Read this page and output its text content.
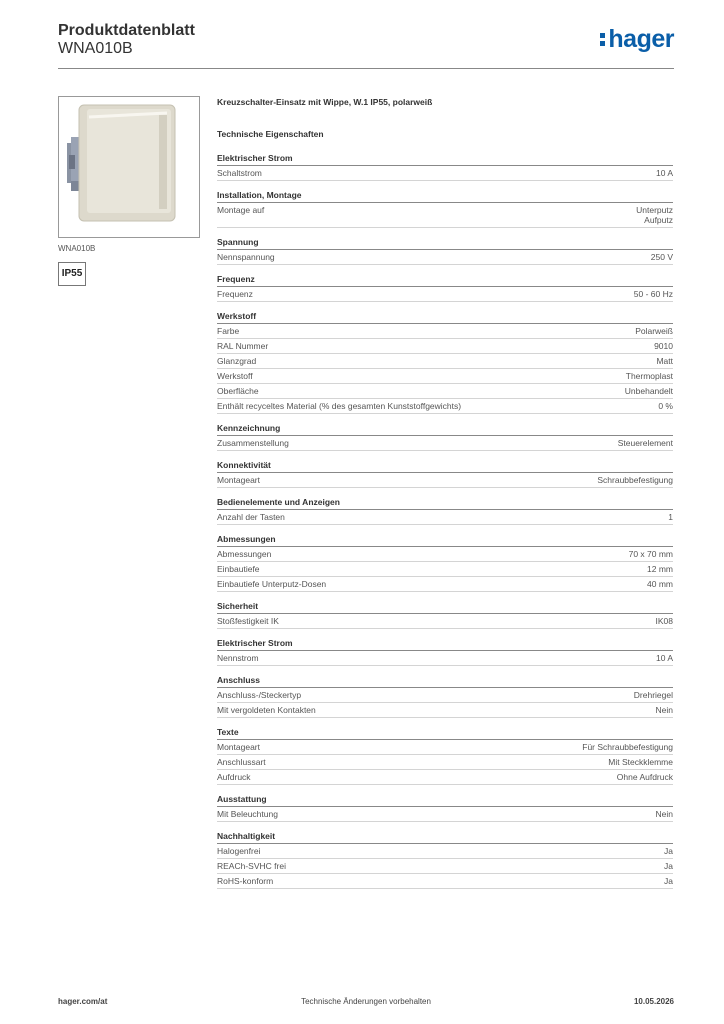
Produktdatenblatt
WNA010B	hager
WNA010B
IP55
Kreuzschalter-Einsatz mit Wippe, W.1 IP55, polarweiß
Technische Eigenschaften
Elektrischer Strom
Schaltstrom	10 A
Installation, Montage
Montage auf	Unterputz
Aufputz
Spannung
Nennspannung	250 V
Frequenz
Frequenz	50 - 60 Hz
Werkstoff
Farbe	Polarweiß
RAL Nummer	9010
Glanzgrad	Matt
Werkstoff	Thermoplast
Oberfläche	Unbehandelt
Enthält recyceltes Material (% des gesamten Kunststoffgewichts)	0 %
Kennzeichnung
Zusammenstellung	Steuerelement
Konnektivität
Montageart	Schraubbefestigung
Bedienelemente und Anzeigen
Anzahl der Tasten	1
Abmessungen
Abmessungen	70 x 70 mm
Einbautiefe	12 mm
Einbautiefe Unterputz-Dosen	40 mm
Sicherheit
Stoßfestigkeit IK	IK08
Elektrischer Strom
Nennstrom	10 A
Anschluss
Anschluss-/Steckertyp	Drehriegel
Mit vergoldeten Kontakten	Nein
Texte
Montageart	Für Schraubbefestigung
Anschlussart	Mit Steckklemme
Aufdruck	Ohne Aufdruck
Ausstattung
Mit Beleuchtung	Nein
Nachhaltigkeit
Halogenfrei	Ja
REACh-SVHC frei	Ja
RoHS-konform	Ja
hager.com/at	Technische Änderungen vorbehalten	10.05.2026
